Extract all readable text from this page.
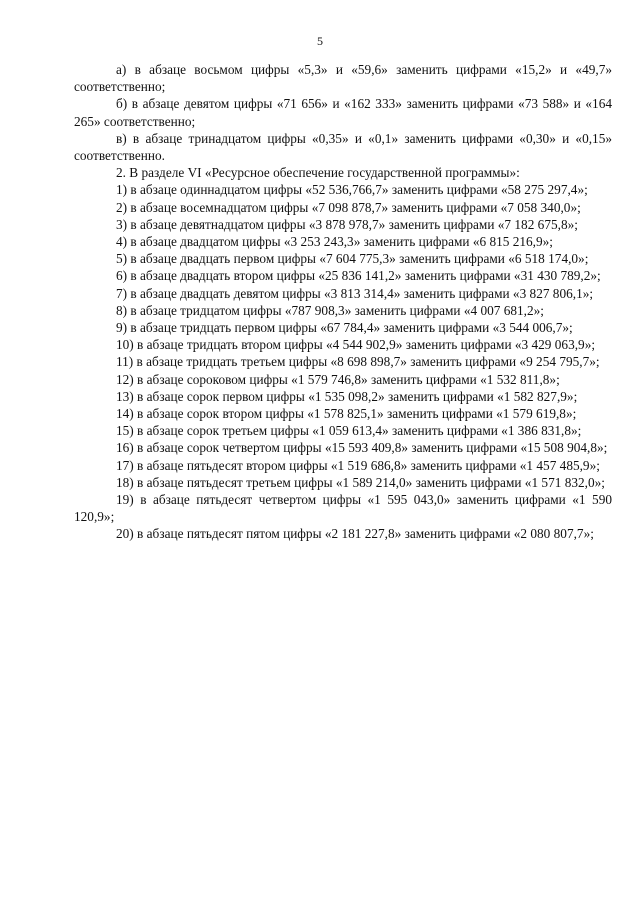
5

а) в абзаце восьмом цифры «5,3» и «59,6» заменить цифрами «15,2» и «49,7» соответственно;

б) в абзаце девятом цифры «71 656» и «162 333» заменить цифрами «73 588» и «164 265» соответственно;

в) в абзаце тринадцатом цифры «0,35» и «0,1» заменить цифрами «0,30» и «0,15» соответственно.

2. В разделе VI «Ресурсное обеспечение государственной программы»:

1) в абзаце одиннадцатом цифры «52 536,766,7» заменить цифрами «58 275 297,4»;

2) в абзаце восемнадцатом цифры «7 098 878,7» заменить цифрами «7 058 340,0»;

3) в абзаце девятнадцатом цифры «3 878 978,7» заменить цифрами «7 182 675,8»;

4) в абзаце двадцатом цифры «3 253 243,3» заменить цифрами «6 815 216,9»;

5) в абзаце двадцать первом цифры «7 604 775,3» заменить цифрами «6 518 174,0»;

6) в абзаце двадцать втором цифры «25 836 141,2» заменить цифрами «31 430 789,2»;

7) в абзаце двадцать девятом цифры «3 813 314,4» заменить цифрами «3 827 806,1»;

8) в абзаце тридцатом цифры «787 908,3» заменить цифрами «4 007 681,2»;

9) в абзаце тридцать первом цифры «67 784,4» заменить цифрами «3 544 006,7»;

10) в абзаце тридцать втором цифры «4 544 902,9» заменить цифрами «3 429 063,9»;

11) в абзаце тридцать третьем цифры «8 698 898,7» заменить цифрами «9 254 795,7»;

12) в абзаце сороковом цифры «1 579 746,8» заменить цифрами «1 532 811,8»;

13) в абзаце сорок первом цифры «1 535 098,2» заменить цифрами «1 582 827,9»;

14) в абзаце сорок втором цифры «1 578 825,1» заменить цифрами «1 579 619,8»;

15) в абзаце сорок третьем цифры «1 059 613,4» заменить цифрами «1 386 831,8»;

16) в абзаце сорок четвертом цифры «15 593 409,8» заменить цифрами «15 508 904,8»;

17) в абзаце пятьдесят втором цифры «1 519 686,8» заменить цифрами «1 457 485,9»;

18) в абзаце пятьдесят третьем цифры «1 589 214,0» заменить цифрами «1 571 832,0»;

19) в абзаце пятьдесят четвертом цифры «1 595 043,0» заменить цифрами «1 590 120,9»;

20) в абзаце пятьдесят пятом цифры «2 181 227,8» заменить цифрами «2 080 807,7»;
